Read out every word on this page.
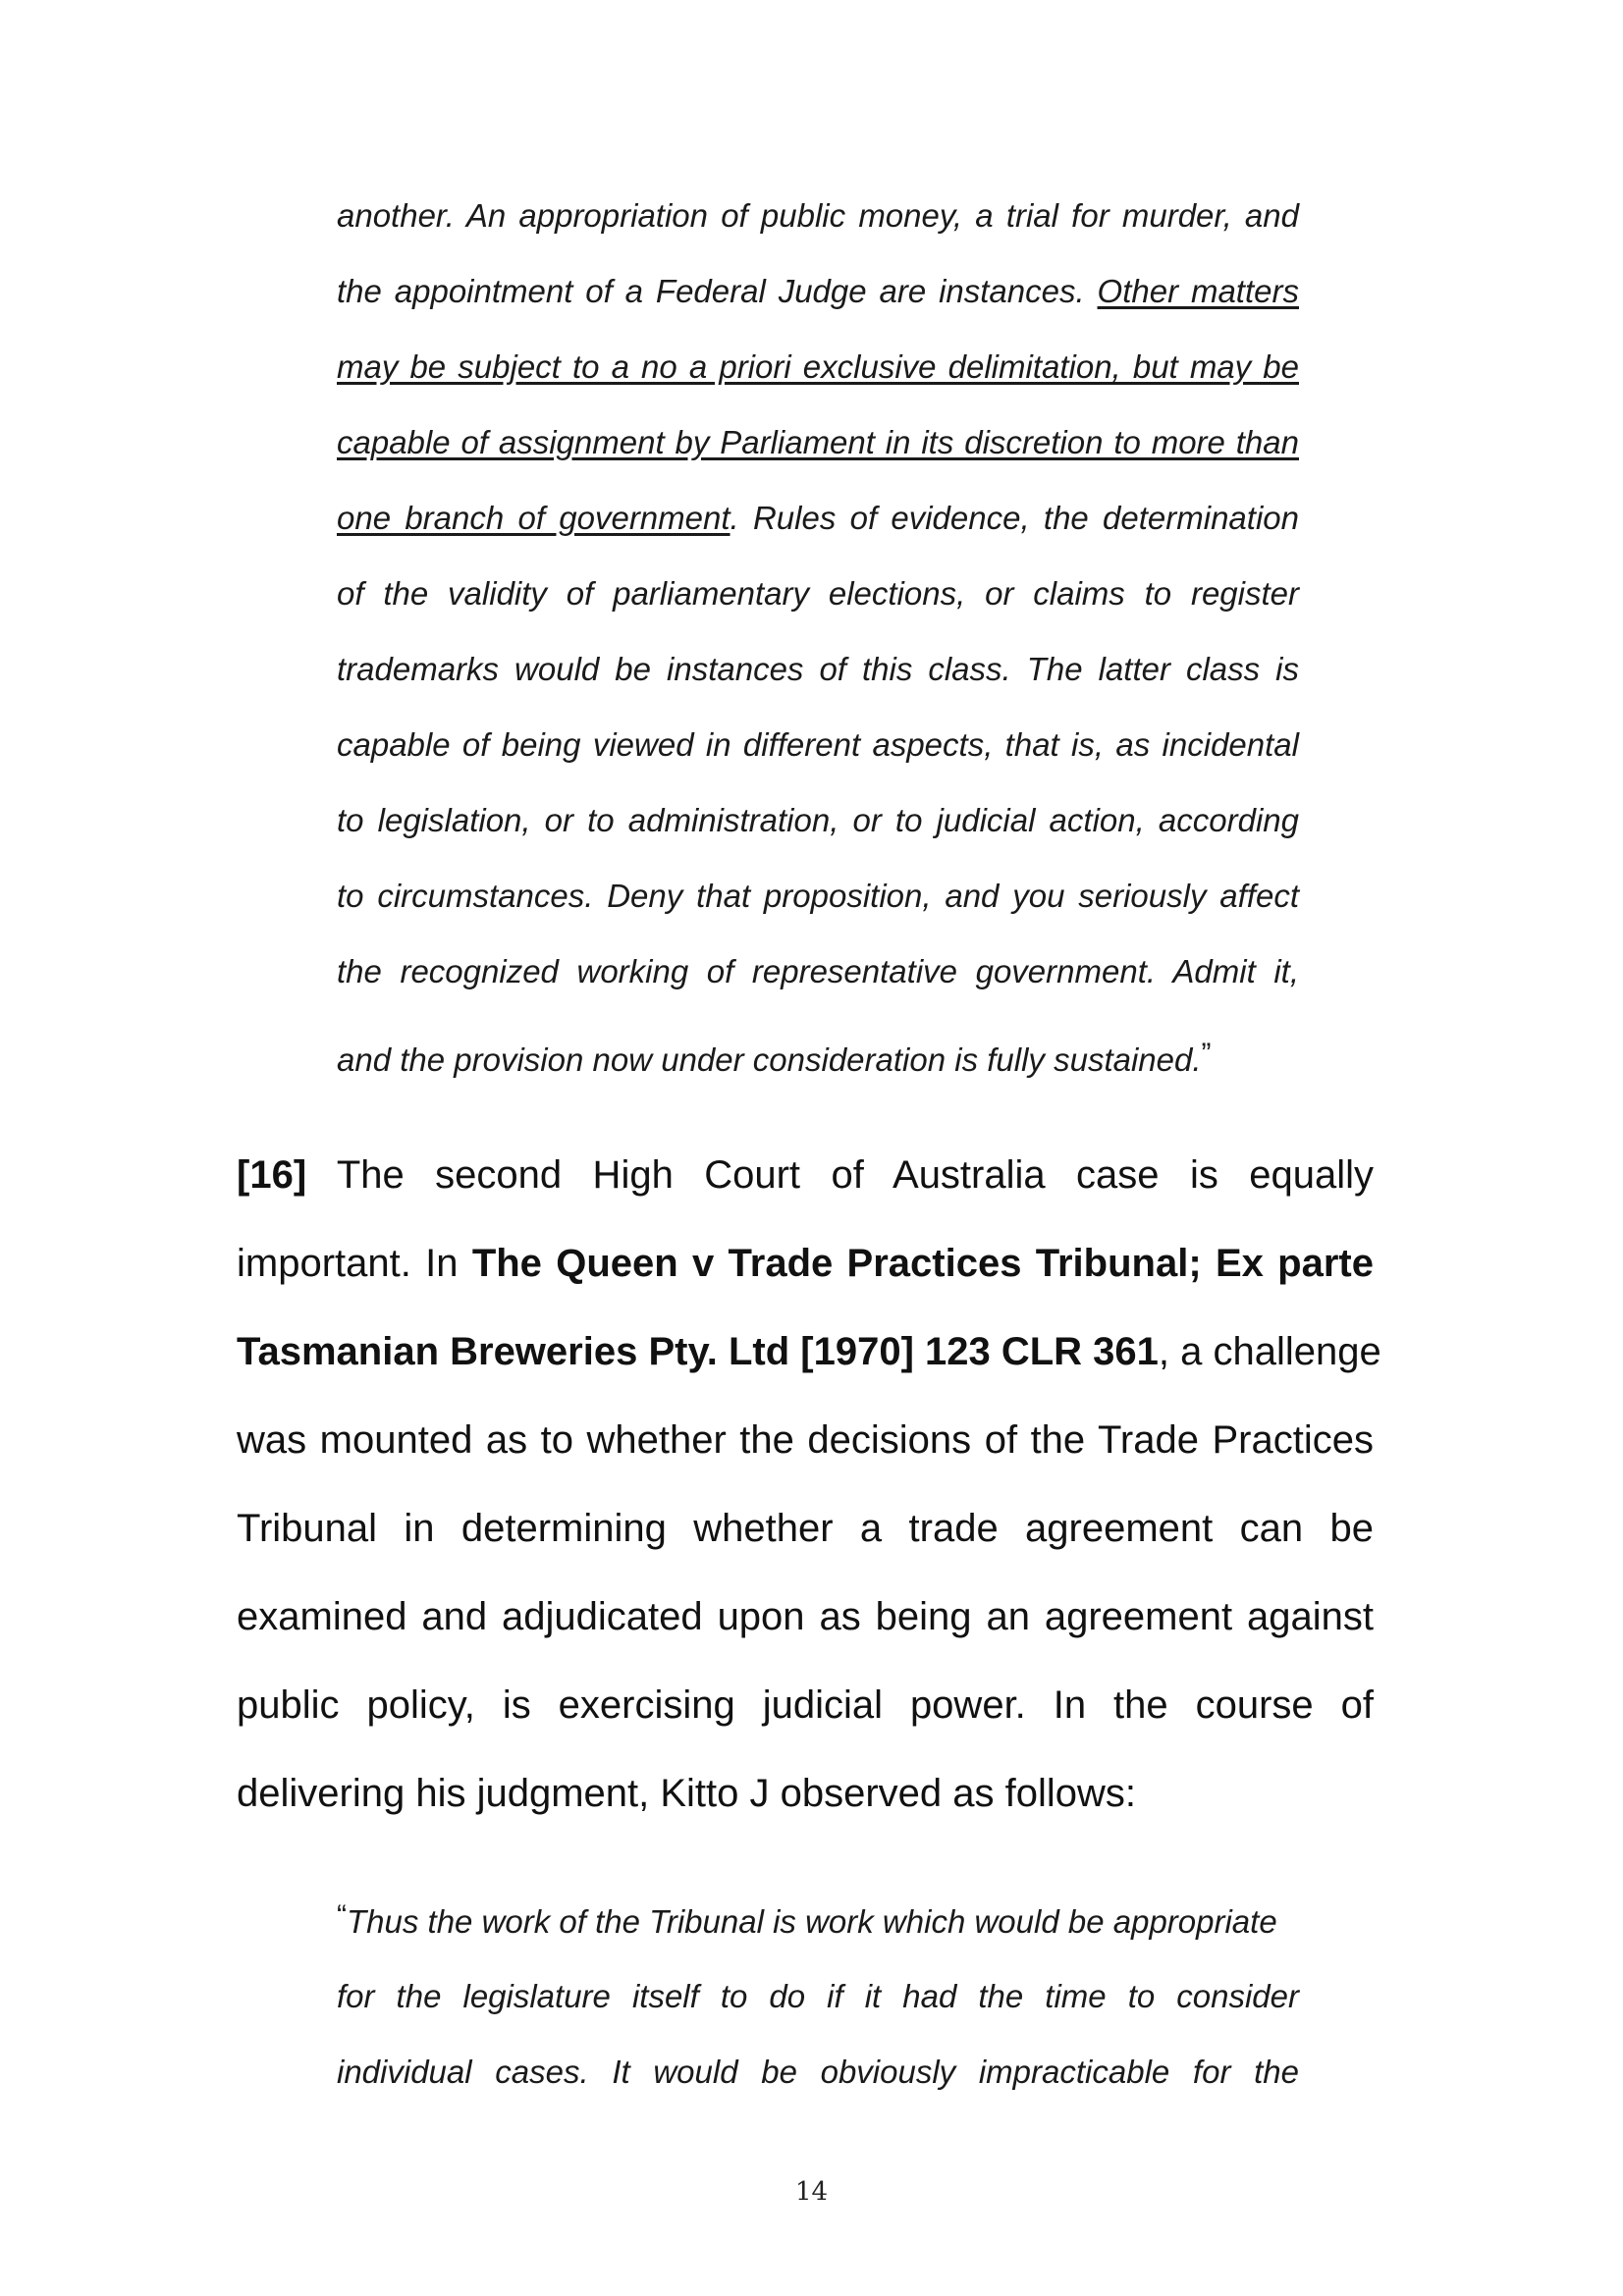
another. An appropriation of public money, a trial for murder, and
the appointment of a Federal Judge are instances. Other matters
may be subject to a no a priori exclusive delimitation, but may be
capable of assignment by Parliament in its discretion to more than
one branch of government. Rules of evidence, the determination
of the validity of parliamentary elections, or claims to register
trademarks would be instances of this class. The latter class is
capable of being viewed in different aspects, that is, as incidental
to legislation, or to administration, or to judicial action, according
to circumstances. Deny that proposition, and you seriously affect
the recognized working of representative government. Admit it,
and the provision now under consideration is fully sustained.”
[16] The second High Court of Australia case is equally
important. In The Queen v Trade Practices Tribunal; Ex parte
Tasmanian Breweries Pty. Ltd [1970] 123 CLR 361, a challenge
was mounted as to whether the decisions of the Trade Practices
Tribunal in determining whether a trade agreement can be
examined and adjudicated upon as being an agreement against
public policy, is exercising judicial power. In the course of
delivering his judgment, Kitto J observed as follows:
“Thus the work of the Tribunal is work which would be appropriate
for the legislature itself to do if it had the time to consider
individual cases. It would be obviously impracticable for the
14
